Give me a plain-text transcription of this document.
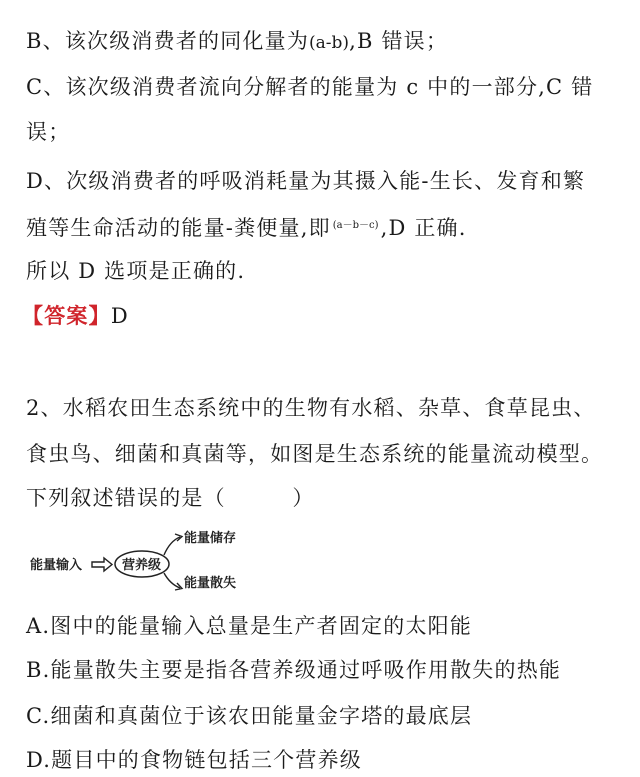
B、该次级消费者的同化量为(a-b),B 错误；
C、该次级消费者流向分解者的能量为 c 中的一部分,C 错
误；
D、次级消费者的呼吸消耗量为其摄入能-生长、发育和繁
殖等生命活动的能量-粪便量,即 $^{(a-b-c)}$,D 正确.
所以 D 选项是正确的.
【答案】D
2、水稻农田生态系统中的生物有水稻、杂草、食草昆虫、
食虫鸟、细菌和真菌等，如图是生态系统的能量流动模型。
下列叙述错误的是（　　　）
能量输入	营养级
能量储存
能量散失
A.图中的能量输入总量是生产者固定的太阳能
B.能量散失主要是指各营养级通过呼吸作用散失的热能
C.细菌和真菌位于该农田能量金字塔的最底层
D.题目中的食物链包括三个营养级
